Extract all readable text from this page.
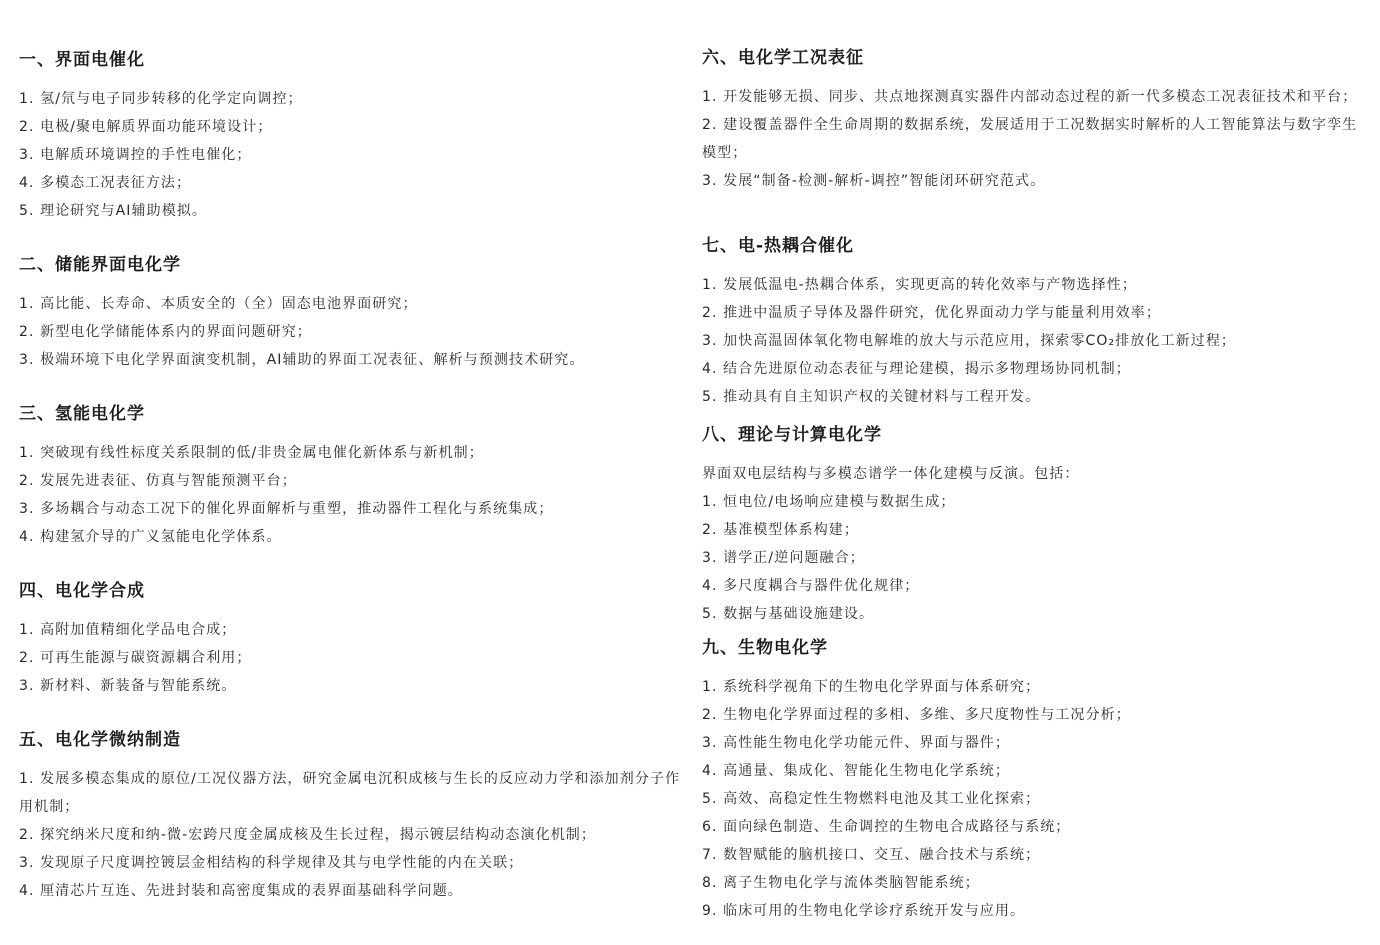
一、界面电催化

1. 氢/氘与电子同步转移的化学定向调控；

2. 电极/聚电解质界面功能环境设计；

3. 电解质环境调控的手性电催化；

4. 多模态工况表征方法；

5. 理论研究与AI辅助模拟。

二、储能界面电化学

1. 高比能、长寿命、本质安全的（全）固态电池界面研究；

2. 新型电化学储能体系内的界面问题研究；

3. 极端环境下电化学界面演变机制，AI辅助的界面工况表征、解析与预测技术研究。

三、氢能电化学

1. 突破现有线性标度关系限制的低/非贵金属电催化新体系与新机制；

2. 发展先进表征、仿真与智能预测平台；

3. 多场耦合与动态工况下的催化界面解析与重塑，推动器件工程化与系统集成；

4. 构建氢介导的广义氢能电化学体系。

四、电化学合成

1. 高附加值精细化学品电合成；

2. 可再生能源与碳资源耦合利用；

3. 新材料、新装备与智能系统。

五、电化学微纳制造

1. 发展多模态集成的原位/工况仪器方法，研究金属电沉积成核与生长的反应动力学和添加剂分子作用机制；

2. 探究纳米尺度和纳-微-宏跨尺度金属成核及生长过程，揭示镀层结构动态演化机制；

3. 发现原子尺度调控镀层金相结构的科学规律及其与电学性能的内在关联；

4. 厘清芯片互连、先进封装和高密度集成的表界面基础科学问题。

六、电化学工况表征

1. 开发能够无损、同步、共点地探测真实器件内部动态过程的新一代多模态工况表征技术和平台；

2. 建设覆盖器件全生命周期的数据系统，发展适用于工况数据实时解析的人工智能算法与数字孪生模型；

3. 发展“制备-检测-解析-调控”智能闭环研究范式。

七、电-热耦合催化

1. 发展低温电-热耦合体系，实现更高的转化效率与产物选择性；

2. 推进中温质子导体及器件研究，优化界面动力学与能量利用效率；

3. 加快高温固体氧化物电解堆的放大与示范应用，探索零CO₂排放化工新过程；

4. 结合先进原位动态表征与理论建模，揭示多物理场协同机制；

5. 推动具有自主知识产权的关键材料与工程开发。

八、理论与计算电化学

界面双电层结构与多模态谱学一体化建模与反演。包括：

1. 恒电位/电场响应建模与数据生成；

2. 基准模型体系构建；

3. 谱学正/逆问题融合；

4. 多尺度耦合与器件优化规律；

5. 数据与基础设施建设。

九、生物电化学

1. 系统科学视角下的生物电化学界面与体系研究；

2. 生物电化学界面过程的多相、多维、多尺度物性与工况分析；

3. 高性能生物电化学功能元件、界面与器件；

4. 高通量、集成化、智能化生物电化学系统；

5. 高效、高稳定性生物燃料电池及其工业化探索；

6. 面向绿色制造、生命调控的生物电合成路径与系统；

7. 数智赋能的脑机接口、交互、融合技术与系统；

8. 离子生物电化学与流体类脑智能系统；

9. 临床可用的生物电化学诊疗系统开发与应用。
